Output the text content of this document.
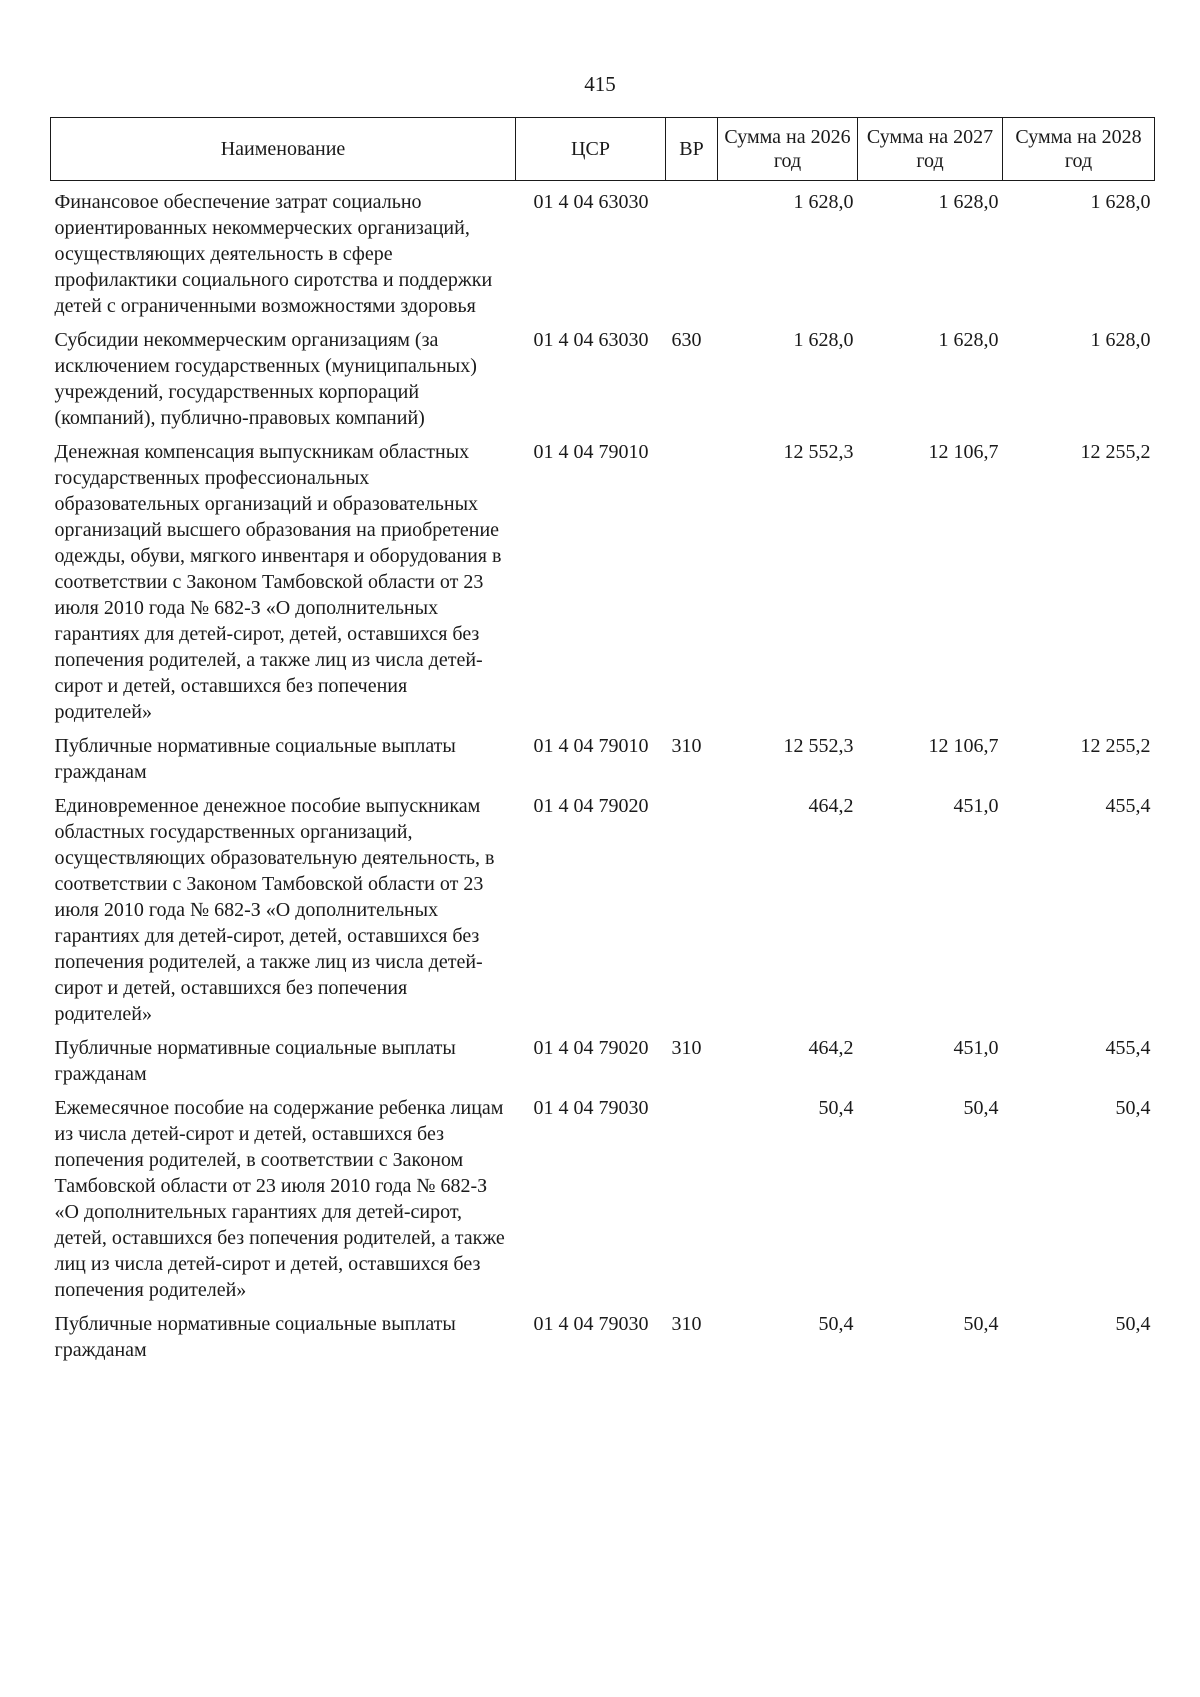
415
Наименование	ЦСР	ВР	Сумма на 2026 год	Сумма на 2027 год	Сумма на 2028 год
Финансовое обеспечение затрат социально ориентированных некоммерческих организаций, осуществляющих деятельность в сфере профилактики социального сиротства и поддержки детей с ограниченными возможностями здоровья	01 4 04 63030		1 628,0	1 628,0	1 628,0
Субсидии некоммерческим организациям (за исключением государственных (муниципальных) учреждений, государственных корпораций (компаний), публично-правовых компаний)	01 4 04 63030	630	1 628,0	1 628,0	1 628,0
Денежная компенсация выпускникам областных государственных профессиональных образовательных организаций и образовательных организаций высшего образования на приобретение одежды, обуви, мягкого инвентаря и оборудования в соответствии с Законом Тамбовской области от 23 июля 2010 года № 682-З «О дополнительных гарантиях для детей-сирот, детей, оставшихся без попечения родителей, а также лиц из числа детей-сирот и детей, оставшихся без попечения родителей»	01 4 04 79010		12 552,3	12 106,7	12 255,2
Публичные нормативные социальные выплаты гражданам	01 4 04 79010	310	12 552,3	12 106,7	12 255,2
Единовременное денежное пособие выпускникам областных государственных организаций, осуществляющих образовательную деятельность, в соответствии с Законом Тамбовской области от 23 июля 2010 года № 682-З «О дополнительных гарантиях для детей-сирот, детей, оставшихся без попечения родителей, а также лиц из числа детей-сирот и детей, оставшихся без попечения родителей»	01 4 04 79020		464,2	451,0	455,4
Публичные нормативные социальные выплаты гражданам	01 4 04 79020	310	464,2	451,0	455,4
Ежемесячное пособие на содержание ребенка лицам из числа детей-сирот и детей, оставшихся без попечения родителей, в соответствии с Законом Тамбовской области от 23 июля 2010 года № 682-З «О дополнительных гарантиях для детей-сирот, детей, оставшихся без попечения родителей, а также лиц из числа детей-сирот и детей, оставшихся без попечения родителей»	01 4 04 79030		50,4	50,4	50,4
Публичные нормативные социальные выплаты гражданам	01 4 04 79030	310	50,4	50,4	50,4
